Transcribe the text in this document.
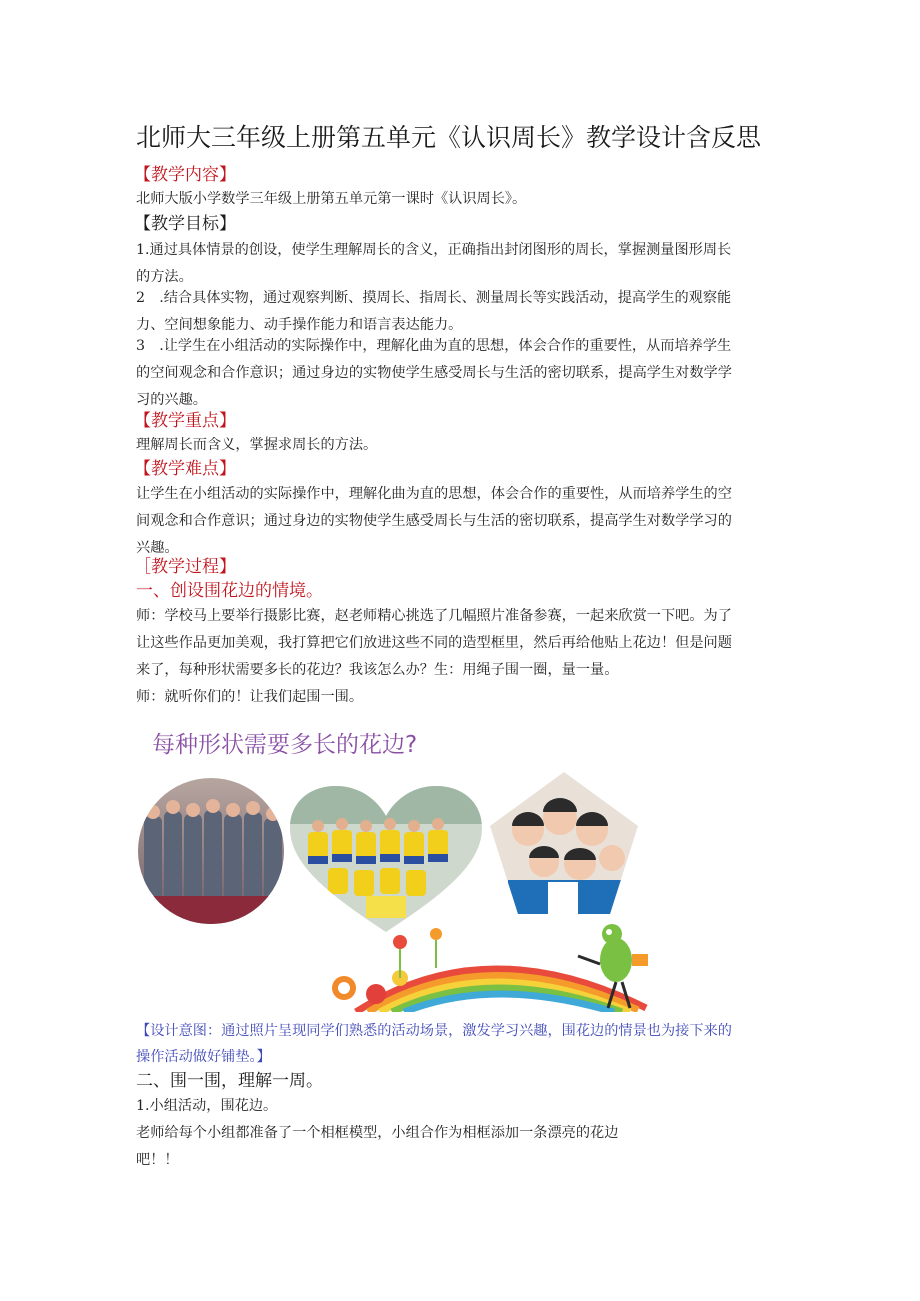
北师大三年级上册第五单元《认识周长》教学设计含反思
【教学内容】
北师大版小学数学三年级上册第五单元第一课时《认识周长》。
【教学目标】
1.通过具体情景的创设，使学生理解周长的含义，正确指出封闭图形的周长，掌握测量图形周长
的方法。
2　.结合具体实物，通过观察判断、摸周长、指周长、测量周长等实践活动，提高学生的观察能
力、空间想象能力、动手操作能力和语言表达能力。
3　.让学生在小组活动的实际操作中，理解化曲为直的思想，体会合作的重要性，从而培养学生
的空间观念和合作意识；通过身边的实物使学生感受周长与生活的密切联系，提高学生对数学学
习的兴趣。
【教学重点】
理解周长而含义，掌握求周长的方法。
【教学难点】
让学生在小组活动的实际操作中，理解化曲为直的思想，体会合作的重要性，从而培养学生的空
间观念和合作意识；通过身边的实物使学生感受周长与生活的密切联系，提高学生对数学学习的
兴趣。
［教学过程】
一、创设围花边的情境。
师：学校马上要举行摄影比赛，赵老师精心挑选了几幅照片准备参赛，一起来欣赏一下吧。为了
让这些作品更加美观，我打算把它们放进这些不同的造型框里，然后再给他贴上花边！但是问题
来了，每种形状需要多长的花边？我该怎么办？生：用绳子围一圈，量一量。
师：就听你们的！让我们起围一围。
每种形状需要多长的花边?
【设计意图：通过照片呈现同学们熟悉的活动场景，激发学习兴趣，围花边的情景也为接下来的
操作活动做好铺垫。】
二、围一围，理解一周。
1.小组活动，围花边。
老师给每个小组都准备了一个相框模型，小组合作为相框添加一条漂亮的花边
吧！！
